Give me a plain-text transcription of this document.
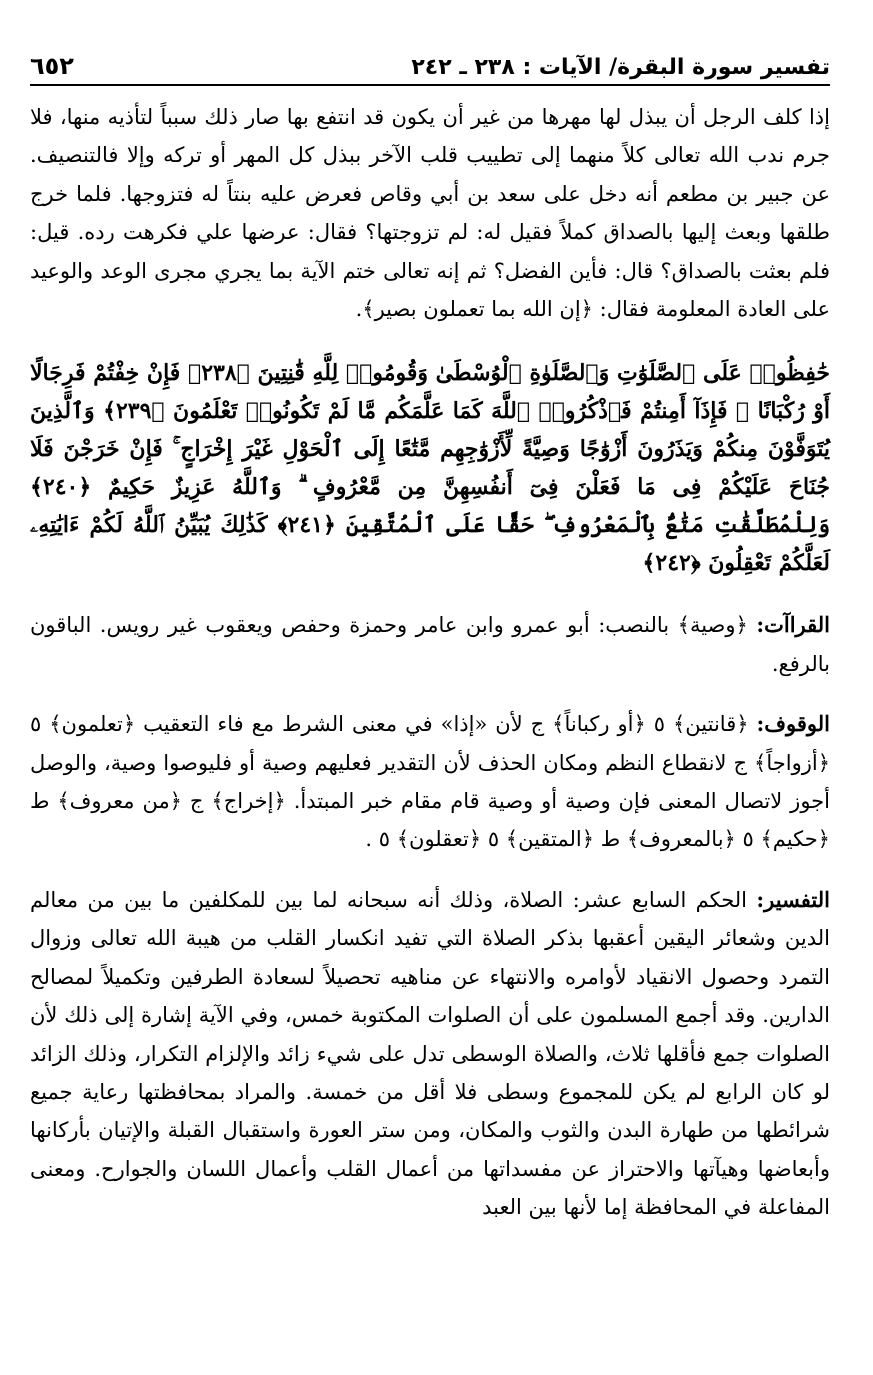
تفسير سورة البقرة/ الآيات : ٢٣٨ ـ ٢٤٢
٦٥٢

إذا كلف الرجل أن يبذل لها مهرها من غير أن يكون قد انتفع بها صار ذلك سبباً لتأذيه منها، فلا جرم ندب الله تعالى كلاً منهما إلى تطييب قلب الآخر ببذل كل المهر أو تركه وإلا فالتنصيف. عن جبير بن مطعم أنه دخل على سعد بن أبي وقاص فعرض عليه بنتاً له فتزوجها. فلما خرج طلقها وبعث إليها بالصداق كملاً فقيل له: لم تزوجتها؟ فقال: عرضها علي فكرهت رده. قيل: فلم بعثت بالصداق؟ قال: فأين الفضل؟ ثم إنه تعالى ختم الآية بما يجري مجرى الوعد والوعيد على العادة المعلومة فقال: ﴿إن الله بما تعملون بصير﴾.

حَٰفِظُوا۟ عَلَى ٱلصَّلَوَٰتِ وَٱلصَّلَوٰةِ ٱلْوُسْطَىٰ وَقُومُوا۟ لِلَّهِ قَٰنِتِينَ ﴿٢٣٨﴾ فَإِنْ خِفْتُمْ فَرِجَالًا أَوْ رُكْبَانًا ۖ فَإِذَآ أَمِنتُمْ فَٱذْكُرُوا۟ ٱللَّهَ كَمَا عَلَّمَكُم مَّا لَمْ تَكُونُوا۟ تَعْلَمُونَ ﴿٢٣٩﴾ وَٱلَّذِينَ يُتَوَفَّوْنَ مِنكُمْ وَيَذَرُونَ أَزْوَٰجًا وَصِيَّةً لِّأَزْوَٰجِهِم مَّتَٰعًا إِلَى ٱلْحَوْلِ غَيْرَ إِخْرَاجٍ ۚ فَإِنْ خَرَجْنَ فَلَا جُنَاحَ عَلَيْكُمْ فِى مَا فَعَلْنَ فِىٓ أَنفُسِهِنَّ مِن مَّعْرُوفٍ ۗ وَٱللَّهُ عَزِيزٌ حَكِيمٌ ﴿٢٤٠﴾ وَلِلْمُطَلَّقَٰتِ مَتَٰعٌۢ بِٱلْمَعْرُوفِ ۖ حَقًّا عَلَى ٱلْمُتَّقِينَ ﴿٢٤١﴾ كَذَٰلِكَ يُبَيِّنُ ٱللَّهُ لَكُمْ ءَايَٰتِهِۦ لَعَلَّكُمْ تَعْقِلُونَ ﴿٢٤٢﴾

القراآت: ﴿وصية﴾ بالنصب: أبو عمرو وابن عامر وحمزة وحفص ويعقوب غير رويس. الباقون بالرفع.

الوقوف: ﴿قانتين﴾ ٥ ﴿أو ركباناً﴾ ج لأن «إذا» في معنى الشرط مع فاء التعقيب ﴿تعلمون﴾ ٥ ﴿أزواجاً﴾ ج لانقطاع النظم ومكان الحذف لأن التقدير فعليهم وصية أو فليوصوا وصية، والوصل أجوز لاتصال المعنى فإن وصية أو وصية قام مقام خبر المبتدأ. ﴿إخراج﴾ ج ﴿من معروف﴾ ط ﴿حكيم﴾ ٥ ﴿بالمعروف﴾ ط ﴿المتقين﴾ ٥ ﴿تعقلون﴾ ٥ .

التفسير: الحكم السابع عشر: الصلاة، وذلك أنه سبحانه لما بين للمكلفين ما بين من معالم الدين وشعائر اليقين أعقبها بذكر الصلاة التي تفيد انكسار القلب من هيبة الله تعالى وزوال التمرد وحصول الانقياد لأوامره والانتهاء عن مناهيه تحصيلاً لسعادة الطرفين وتكميلاً لمصالح الدارين. وقد أجمع المسلمون على أن الصلوات المكتوبة خمس، وفي الآية إشارة إلى ذلك لأن الصلوات جمع فأقلها ثلاث، والصلاة الوسطى تدل على شيء زائد والإلزام التكرار، وذلك الزائد لو كان الرابع لم يكن للمجموع وسطى فلا أقل من خمسة. والمراد بمحافظتها رعاية جميع شرائطها من طهارة البدن والثوب والمكان، ومن ستر العورة واستقبال القبلة والإتيان بأركانها وأبعاضها وهيآتها والاحتراز عن مفسداتها من أعمال القلب وأعمال اللسان والجوارح. ومعنى المفاعلة في المحافظة إما لأنها بين العبد
